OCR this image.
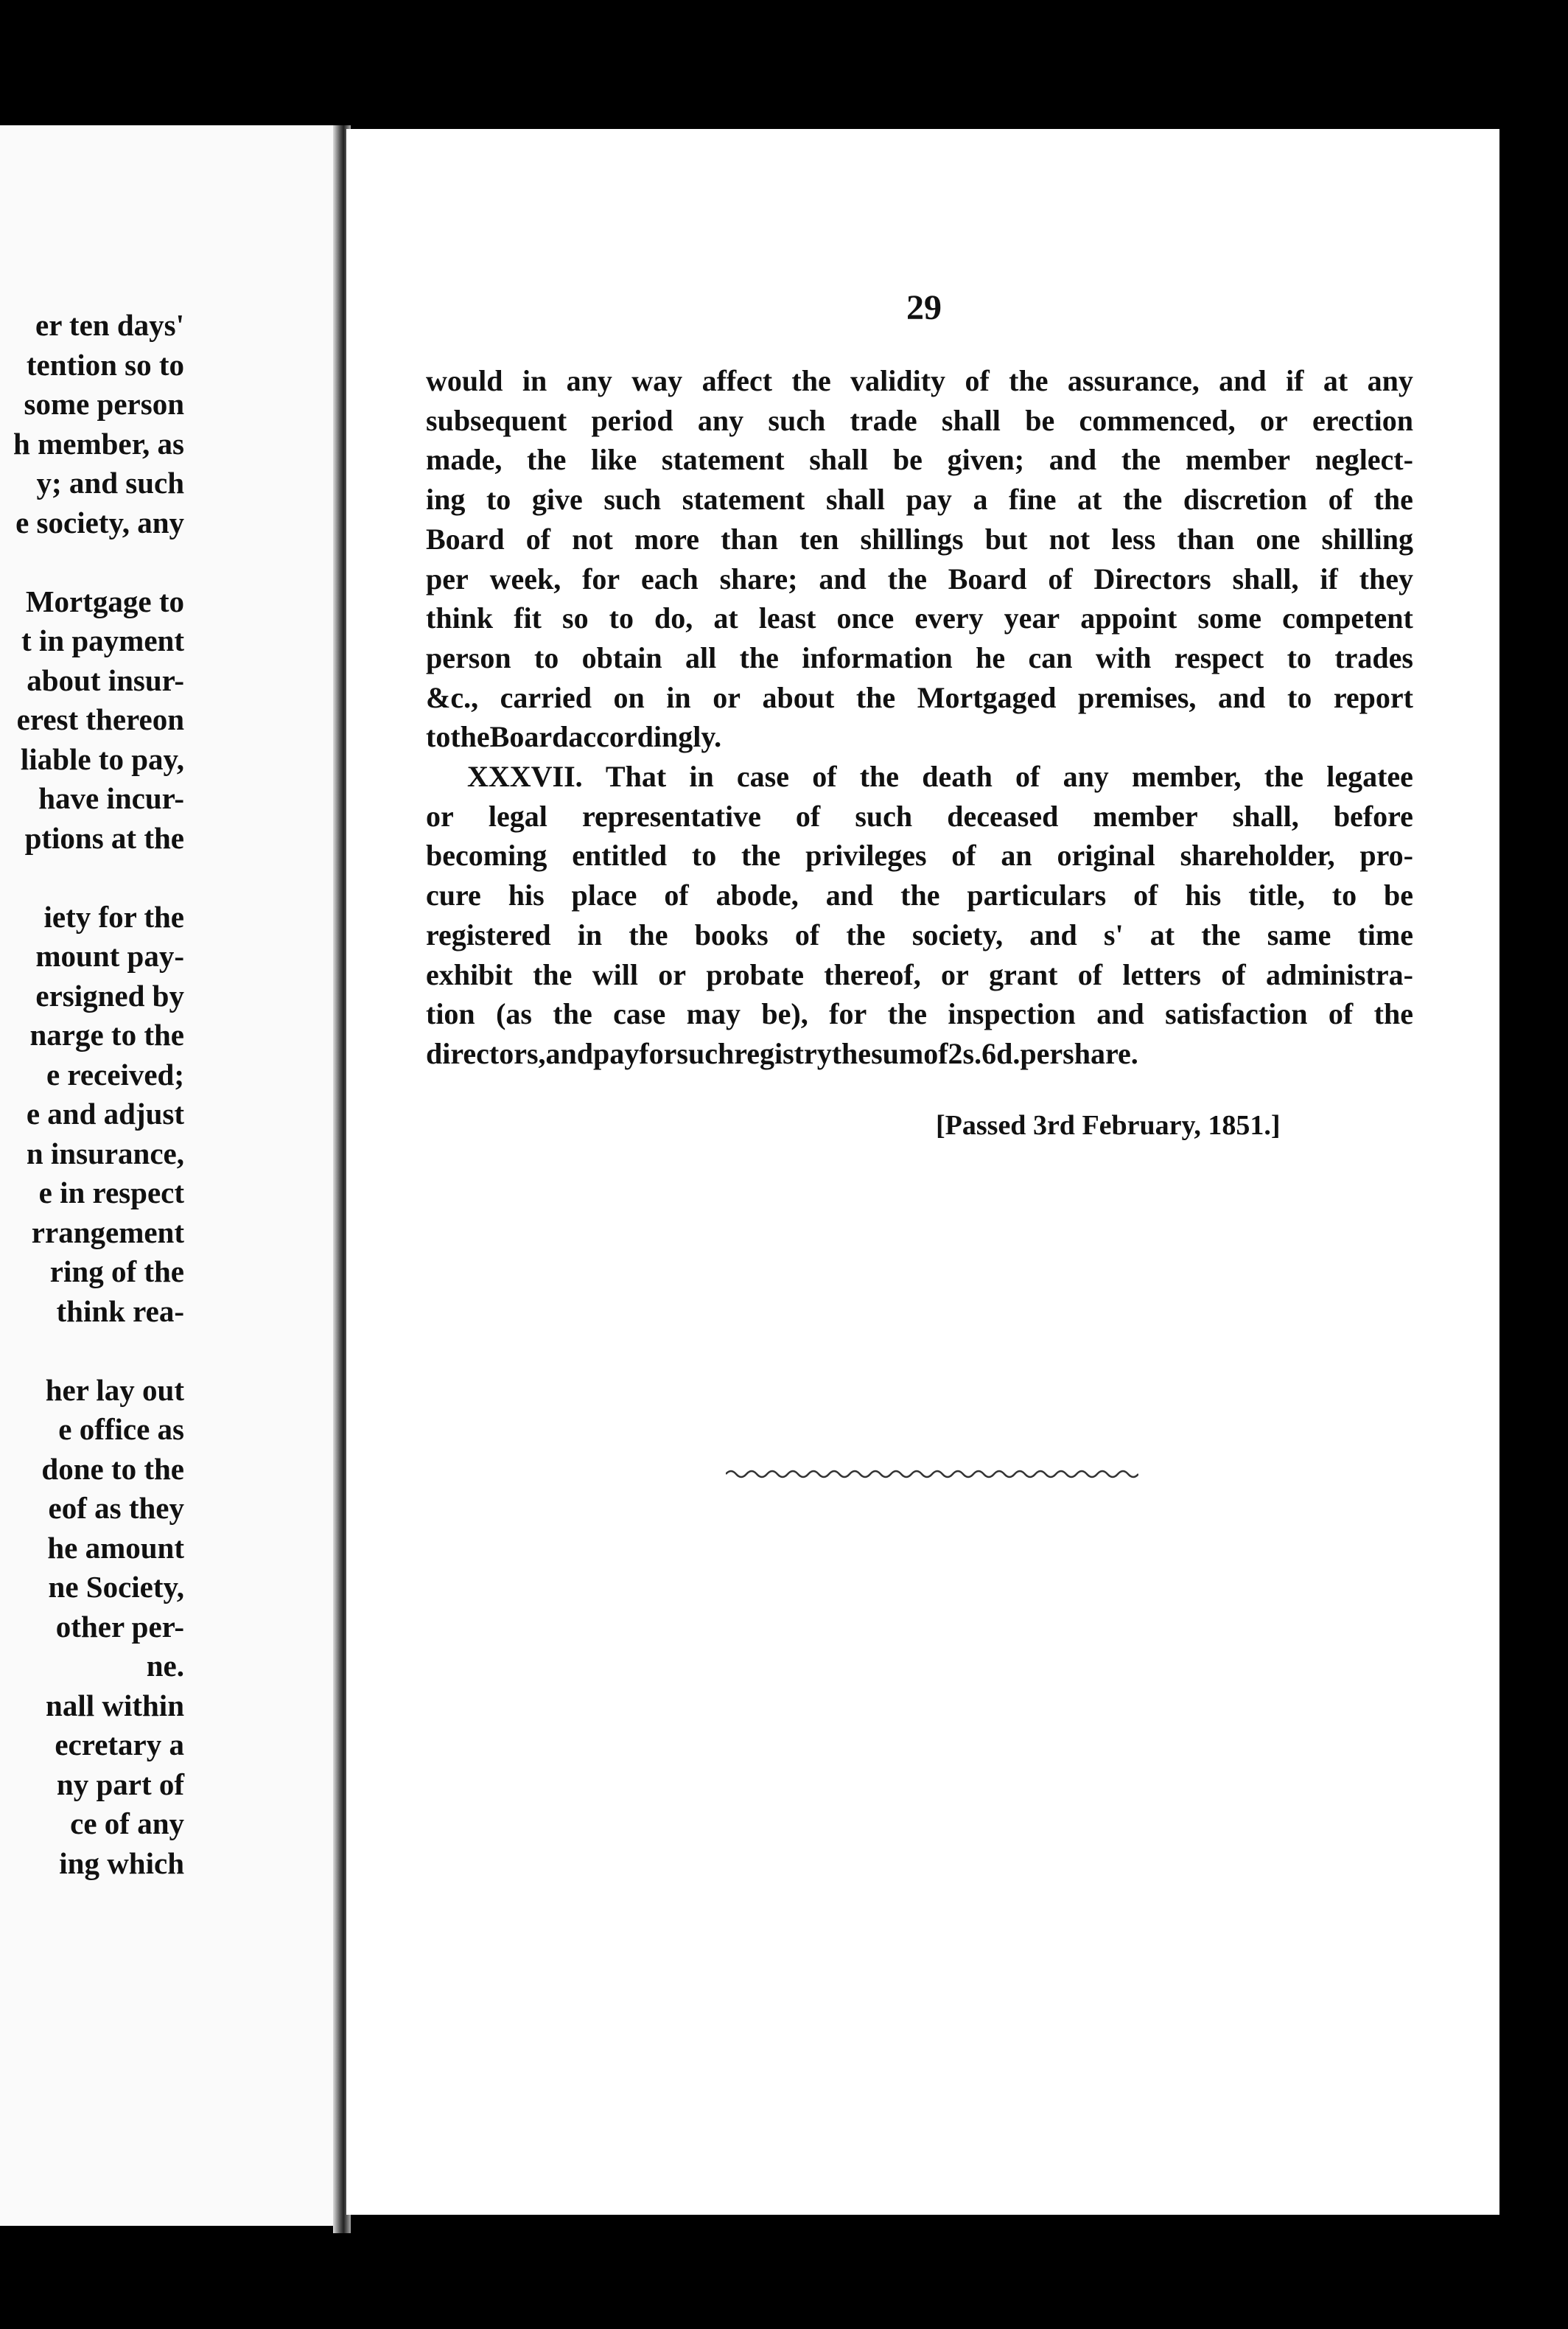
er ten days'
tention so to
some person
h member, as
y; and such
e society, any
Mortgage to
t in payment
about insur-
erest thereon
liable to pay,
have incur-
ptions at the
iety for the
mount pay-
ersigned by
narge to the
e received;
e and adjust
n insurance,
e in respect
rrangement
ring of the
think rea-
her lay out
e office as
done to the
eof as they
he amount
ne Society,
other per-
ne.
nall within
ecretary a
ny part of
ce of any
ing which
29
would in any way affect the validity of the assurance, and if at any
subsequent period any such trade shall be commenced, or erection
made, the like statement shall be given; and the member neglect-
ing to give such statement shall pay a fine at the discretion of the
Board of not more than ten shillings but not less than one shilling
per week, for each share; and the Board of Directors shall, if they
think fit so to do, at least once every year appoint some competent
person to obtain all the information he can with respect to trades
&c., carried on in or about the Mortgaged premises, and to report
to the Board accordingly.
XXXVII. That in case of the death of any member, the legatee
or legal representative of such deceased member shall, before
becoming entitled to the privileges of an original shareholder, pro-
cure his place of abode, and the particulars of his title, to be
registered in the books of the society, and s' at the same time
exhibit the will or probate thereof, or grant of letters of administra-
tion (as the case may be), for the inspection and satisfaction of the
directors, and pay for such registry the sum of 2s. 6d. per share.
[Passed 3rd February, 1851.]
